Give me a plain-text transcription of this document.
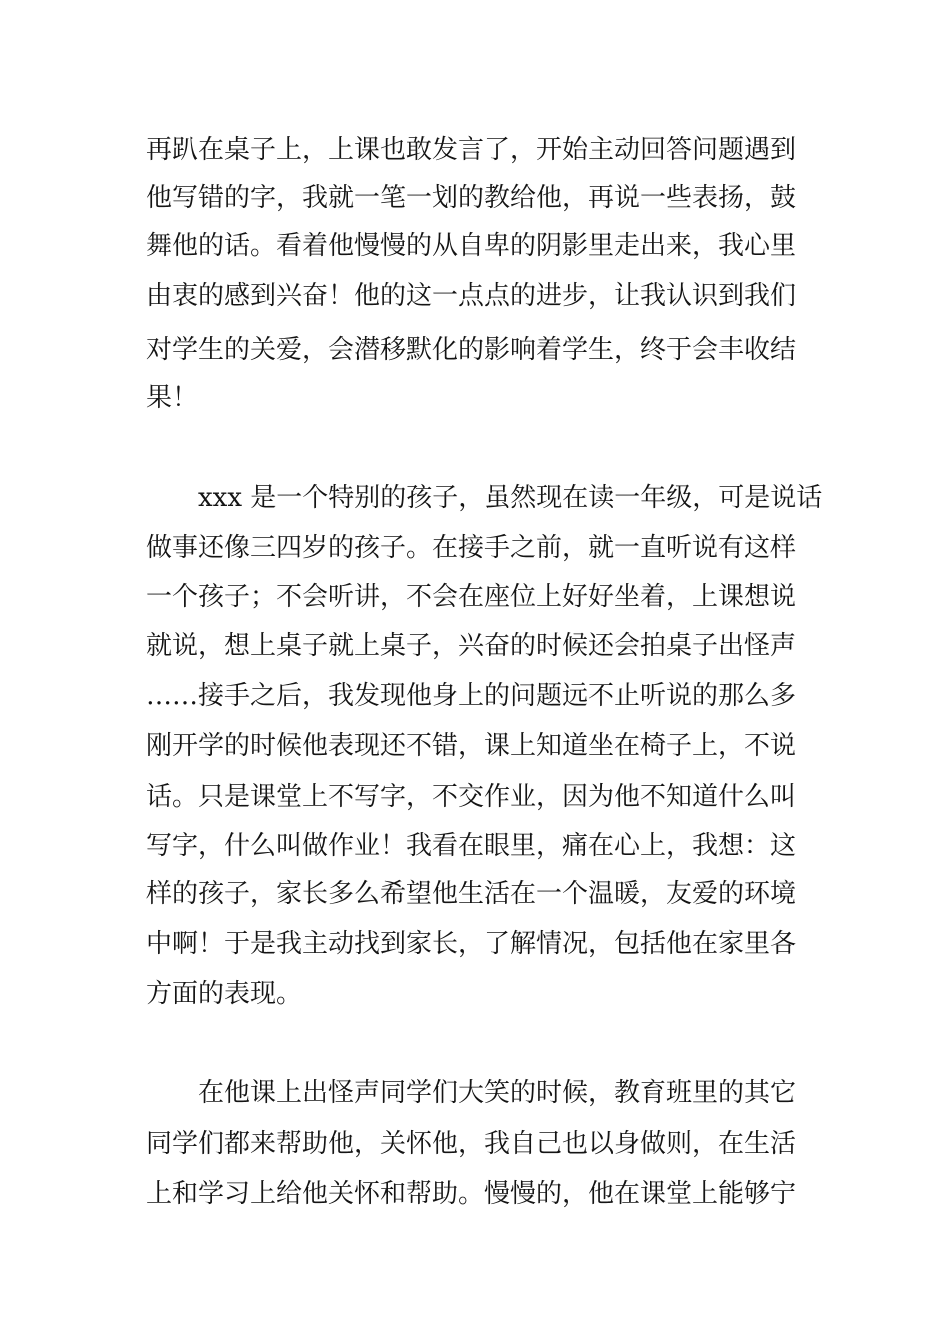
再趴在桌子上，上课也敢发言了，开始主动回答问题遇到
他写错的字，我就一笔一划的教给他，再说一些表扬，鼓
舞他的话。看着他慢慢的从自卑的阴影里走出来，我心里
由衷的感到兴奋！他的这一点点的进步，让我认识到我们
对学生的关爱，会潜移默化的影响着学生，终于会丰收结
果！
xxx 是一个特别的孩子，虽然现在读一年级，可是说话
做事还像三四岁的孩子。在接手之前，就一直听说有这样
一个孩子；不会听讲，不会在座位上好好坐着，上课想说
就说，想上桌子就上桌子，兴奋的时候还会拍桌子出怪声
……接手之后，我发现他身上的问题远不止听说的那么多
刚开学的时候他表现还不错，课上知道坐在椅子上，不说
话。只是课堂上不写字，不交作业，因为他不知道什么叫
写字，什么叫做作业！我看在眼里，痛在心上，我想：这
样的孩子，家长多么希望他生活在一个温暖，友爱的环境
中啊！于是我主动找到家长，了解情况，包括他在家里各
方面的表现。
在他课上出怪声同学们大笑的时候，教育班里的其它
同学们都来帮助他，关怀他，我自己也以身做则，在生活
上和学习上给他关怀和帮助。慢慢的，他在课堂上能够宁
